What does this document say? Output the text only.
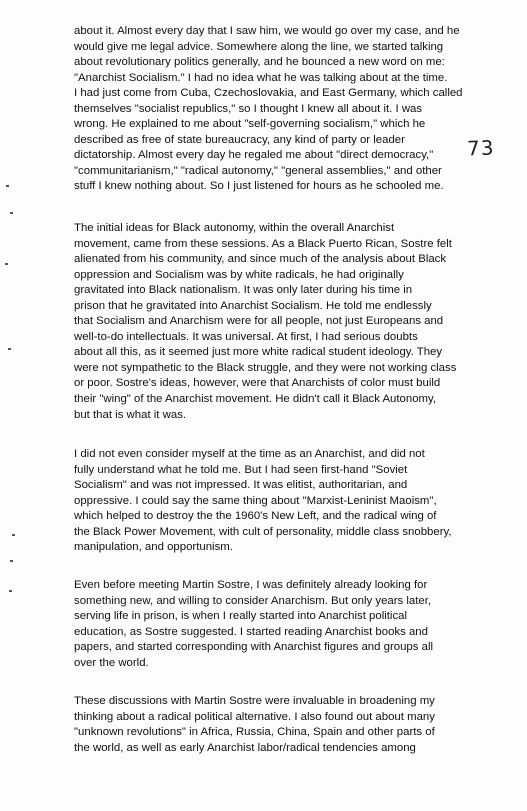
about it. Almost every day that I saw him, we would go over my case, and he
would give me legal advice. Somewhere along the line, we started talking
about revolutionary politics generally, and he bounced a new word on me:
"Anarchist Socialism." I had no idea what he was talking about at the time.
I had just come from Cuba, Czechoslovakia, and East Germany, which called
themselves "socialist republics," so I thought I knew all about it. I was
wrong. He explained to me about "self-governing socialism," which he
described as free of state bureaucracy, any kind of party or leader
dictatorship. Almost every day he regaled me about "direct democracy,"
"communitarianism," "radical autonomy," "general assemblies," and other
stuff I knew nothing about. So I just listened for hours as he schooled me.
73
The initial ideas for Black autonomy, within the overall Anarchist
movement, came from these sessions. As a Black Puerto Rican, Sostre felt
alienated from his community, and since much of the analysis about Black
oppression and Socialism was by white radicals, he had originally
gravitated into Black nationalism. It was only later during his time in
prison that he gravitated into Anarchist Socialism. He told me endlessly
that Socialism and Anarchism were for all people, not just Europeans and
well-to-do intellectuals. It was universal. At first, I had serious doubts
about all this, as it seemed just more white radical student ideology. They
were not sympathetic to the Black struggle, and they were not working class
or poor. Sostre's ideas, however, were that Anarchists of color must build
their "wing" of the Anarchist movement. He didn't call it Black Autonomy,
but that is what it was.
I did not even consider myself at the time as an Anarchist, and did not
fully understand what he told me. But I had seen first-hand "Soviet
Socialism" and was not impressed. It was elitist, authoritarian, and
oppressive. I could say the same thing about "Marxist-Leninist Maoism",
which helped to destroy the the 1960's New Left, and the radical wing of
the Black Power Movement, with cult of personality, middle class snobbery,
manipulation, and opportunism.
Even before meeting Martin Sostre, I was definitely already looking for
something new, and willing to consider Anarchism. But only years later,
serving life in prison, is when I really started into Anarchist political
education, as Sostre suggested. I started reading Anarchist books and
papers, and started corresponding with Anarchist figures and groups all
over the world.
These discussions with Martin Sostre were invaluable in broadening my
thinking about a radical political alternative. I also found out about many
"unknown revolutions" in Africa, Russia, China, Spain and other parts of
the world, as well as early Anarchist labor/radical tendencies among
